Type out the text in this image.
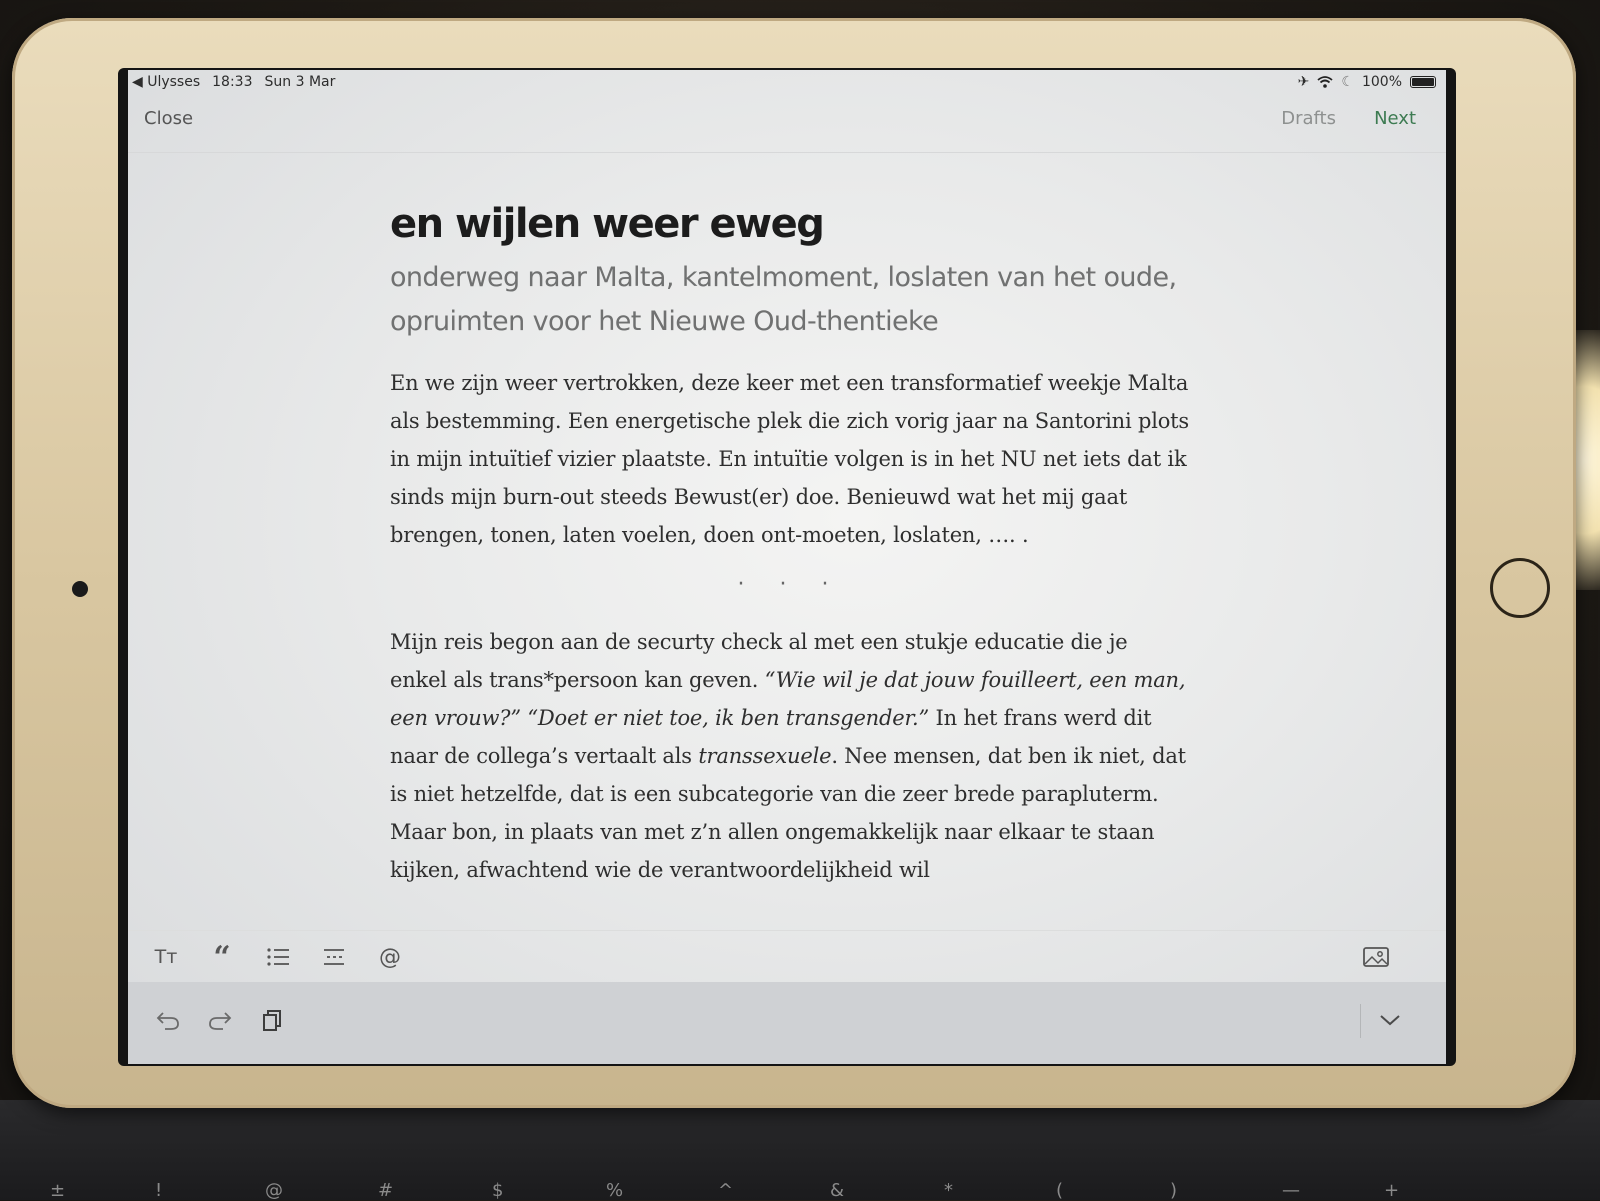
±	!	@	#	$	%	^	&	*	(	)	—	+
◀ Ulysses 18:33 Sun 3 Mar	✈ ☾ 100%
Close	Drafts Next
en wijlen weer eweg

onderweg naar Malta, kantelmoment, loslaten van het oude, opruimten voor het Nieuwe Oud-thentieke

En we zijn weer vertrokken, deze keer met een transformatief weekje Malta als bestemming. Een energetische plek die zich vorig jaar na Santorini plots in mijn intuïtief vizier plaatste. En intuïtie volgen is in het NU net iets dat ik sinds mijn burn-out steeds Bewust(er) doe. Benieuwd wat het mij gaat brengen, tonen, laten voelen, doen ont-moeten, loslaten, …. .

· · ·

Mijn reis begon aan de securty check al met een stukje educatie die je enkel als trans*persoon kan geven. “Wie wil je dat jouw fouilleert, een man, een vrouw?” “Doet er niet toe, ik ben transgender.” In het frans werd dit naar de collega’s vertaalt als transsexuele. Nee mensen, dat ben ik niet, dat is niet hetzelfde, dat is een subcategorie van die zeer brede parapluterm. Maar bon, in plaats van met z’n allen ongemakkelijk naar elkaar te staan kijken, afwachtend wie de verantwoordelijkheid wil

Tт “	@
